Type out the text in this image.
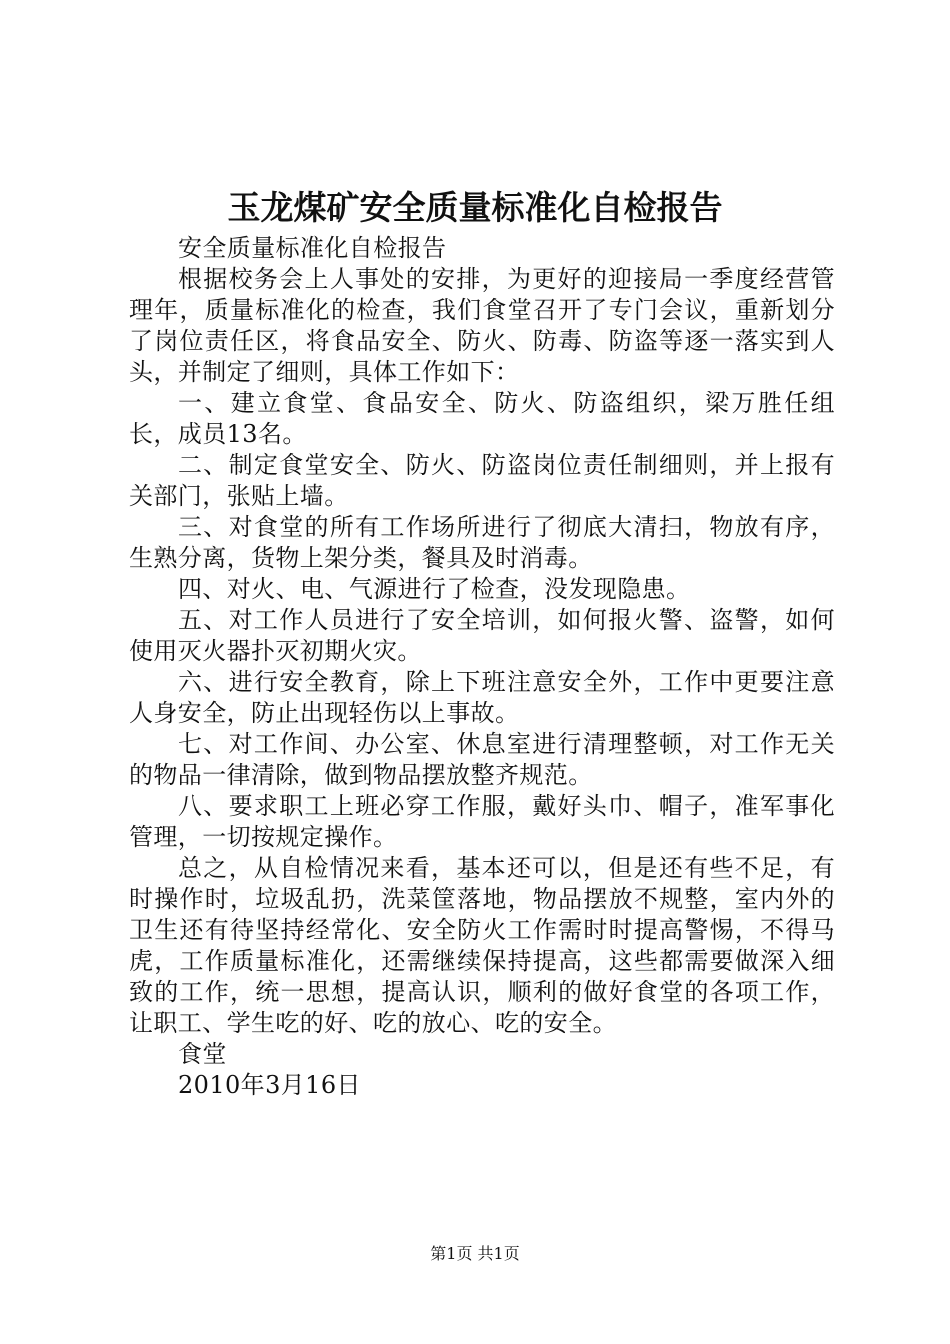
玉龙煤矿安全质量标准化自检报告

安全质量标准化自检报告

根据校务会上人事处的安排，为更好的迎接局一季度经营管理年，质量标准化的检查，我们食堂召开了专门会议，重新划分了岗位责任区，将食品安全、防火、防毒、防盗等逐一落实到人头，并制定了细则，具体工作如下：

一、建立食堂、食品安全、防火、防盗组织，梁万胜任组长，成员13名。

二、制定食堂安全、防火、防盗岗位责任制细则，并上报有关部门，张贴上墙。

三、对食堂的所有工作场所进行了彻底大清扫，物放有序，生熟分离，货物上架分类，餐具及时消毒。

四、对火、电、气源进行了检查，没发现隐患。

五、对工作人员进行了安全培训，如何报火警、盗警，如何使用灭火器扑灭初期火灾。

六、进行安全教育，除上下班注意安全外，工作中更要注意人身安全，防止出现轻伤以上事故。

七、对工作间、办公室、休息室进行清理整顿，对工作无关的物品一律清除，做到物品摆放整齐规范。

八、要求职工上班必穿工作服，戴好头巾、帽子，准军事化管理，一切按规定操作。

总之，从自检情况来看，基本还可以，但是还有些不足，有时操作时，垃圾乱扔，洗菜筐落地，物品摆放不规整，室内外的卫生还有待坚持经常化、安全防火工作需时时提高警惕，不得马虎，工作质量标准化，还需继续保持提高，这些都需要做深入细致的工作，统一思想，提高认识，顺利的做好食堂的各项工作，让职工、学生吃的好、吃的放心、吃的安全。

食堂

2010年3月16日

第1页 共1页
